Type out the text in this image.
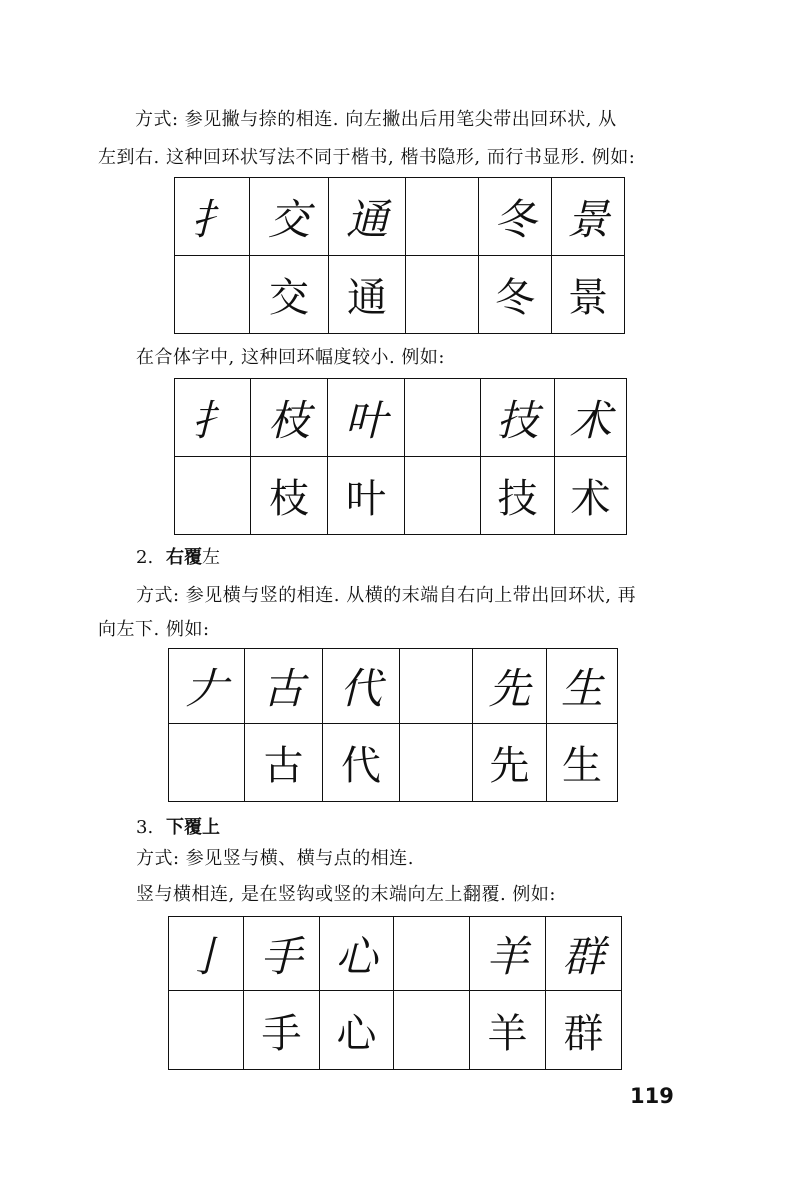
方式: 参见撇与捺的相连. 向左撇出后用笔尖带出回环状, 从
左到右. 这种回环状写法不同于楷书, 楷书隐形, 而行书显形. 例如:
⺘	交	通		冬	景
	交	通		冬	景
在合体字中, 这种回环幅度较小. 例如:
⺘	枝	叶		技	术
	枝	叶		技	术
2. 右覆左
方式: 参见横与竖的相连. 从横的末端自右向上带出回环状, 再
向左下. 例如:
𠂇	古	代		先	生
	古	代		先	生
3. 下覆上
方式: 参见竖与横、横与点的相连.
竖与横相连, 是在竖钩或竖的末端向左上翻覆. 例如:
亅	手	心		羊	群
	手	心		羊	群
119
